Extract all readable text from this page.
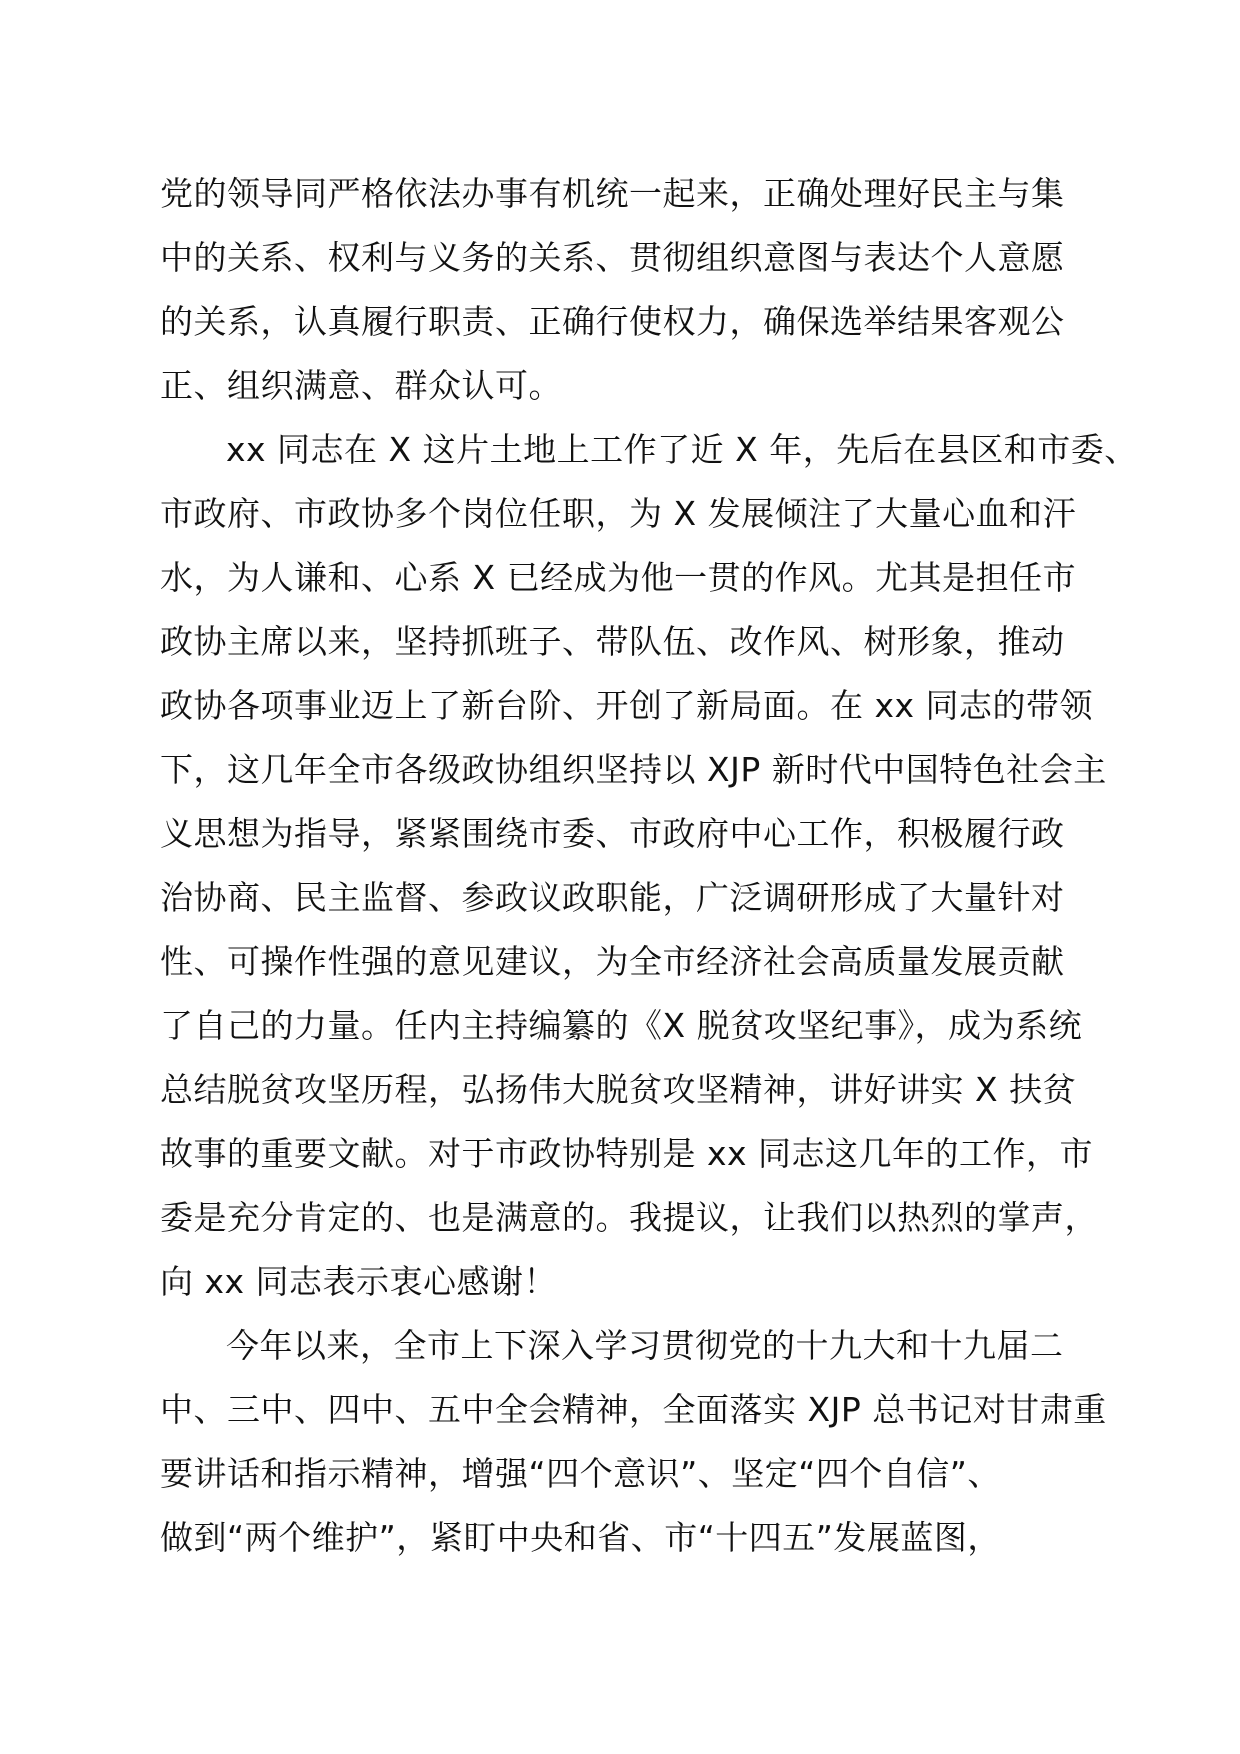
党的领导同严格依法办事有机统一起来，正确处理好民主与集
中的关系、权利与义务的关系、贯彻组织意图与表达个人意愿
的关系，认真履行职责、正确行使权力，确保选举结果客观公
正、组织满意、群众认可。
xx 同志在 X 这片土地上工作了近 X 年，先后在县区和市委、
市政府、市政协多个岗位任职，为 X 发展倾注了大量心血和汗
水，为人谦和、心系 X 已经成为他一贯的作风。尤其是担任市
政协主席以来，坚持抓班子、带队伍、改作风、树形象，推动
政协各项事业迈上了新台阶、开创了新局面。在 xx 同志的带领
下，这几年全市各级政协组织坚持以 XJP 新时代中国特色社会主
义思想为指导，紧紧围绕市委、市政府中心工作，积极履行政
治协商、民主监督、参政议政职能，广泛调研形成了大量针对
性、可操作性强的意见建议，为全市经济社会高质量发展贡献
了自己的力量。任内主持编纂的《X 脱贫攻坚纪事》，成为系统
总结脱贫攻坚历程，弘扬伟大脱贫攻坚精神，讲好讲实 X 扶贫
故事的重要文献。对于市政协特别是 xx 同志这几年的工作，市
委是充分肯定的、也是满意的。我提议，让我们以热烈的掌声，
向 xx 同志表示衷心感谢！
今年以来，全市上下深入学习贯彻党的十九大和十九届二
中、三中、四中、五中全会精神，全面落实 XJP 总书记对甘肃重
要讲话和指示精神，增强“四个意识”、坚定“四个自信”、
做到“两个维护”，紧盯中央和省、市“十四五”发展蓝图，
